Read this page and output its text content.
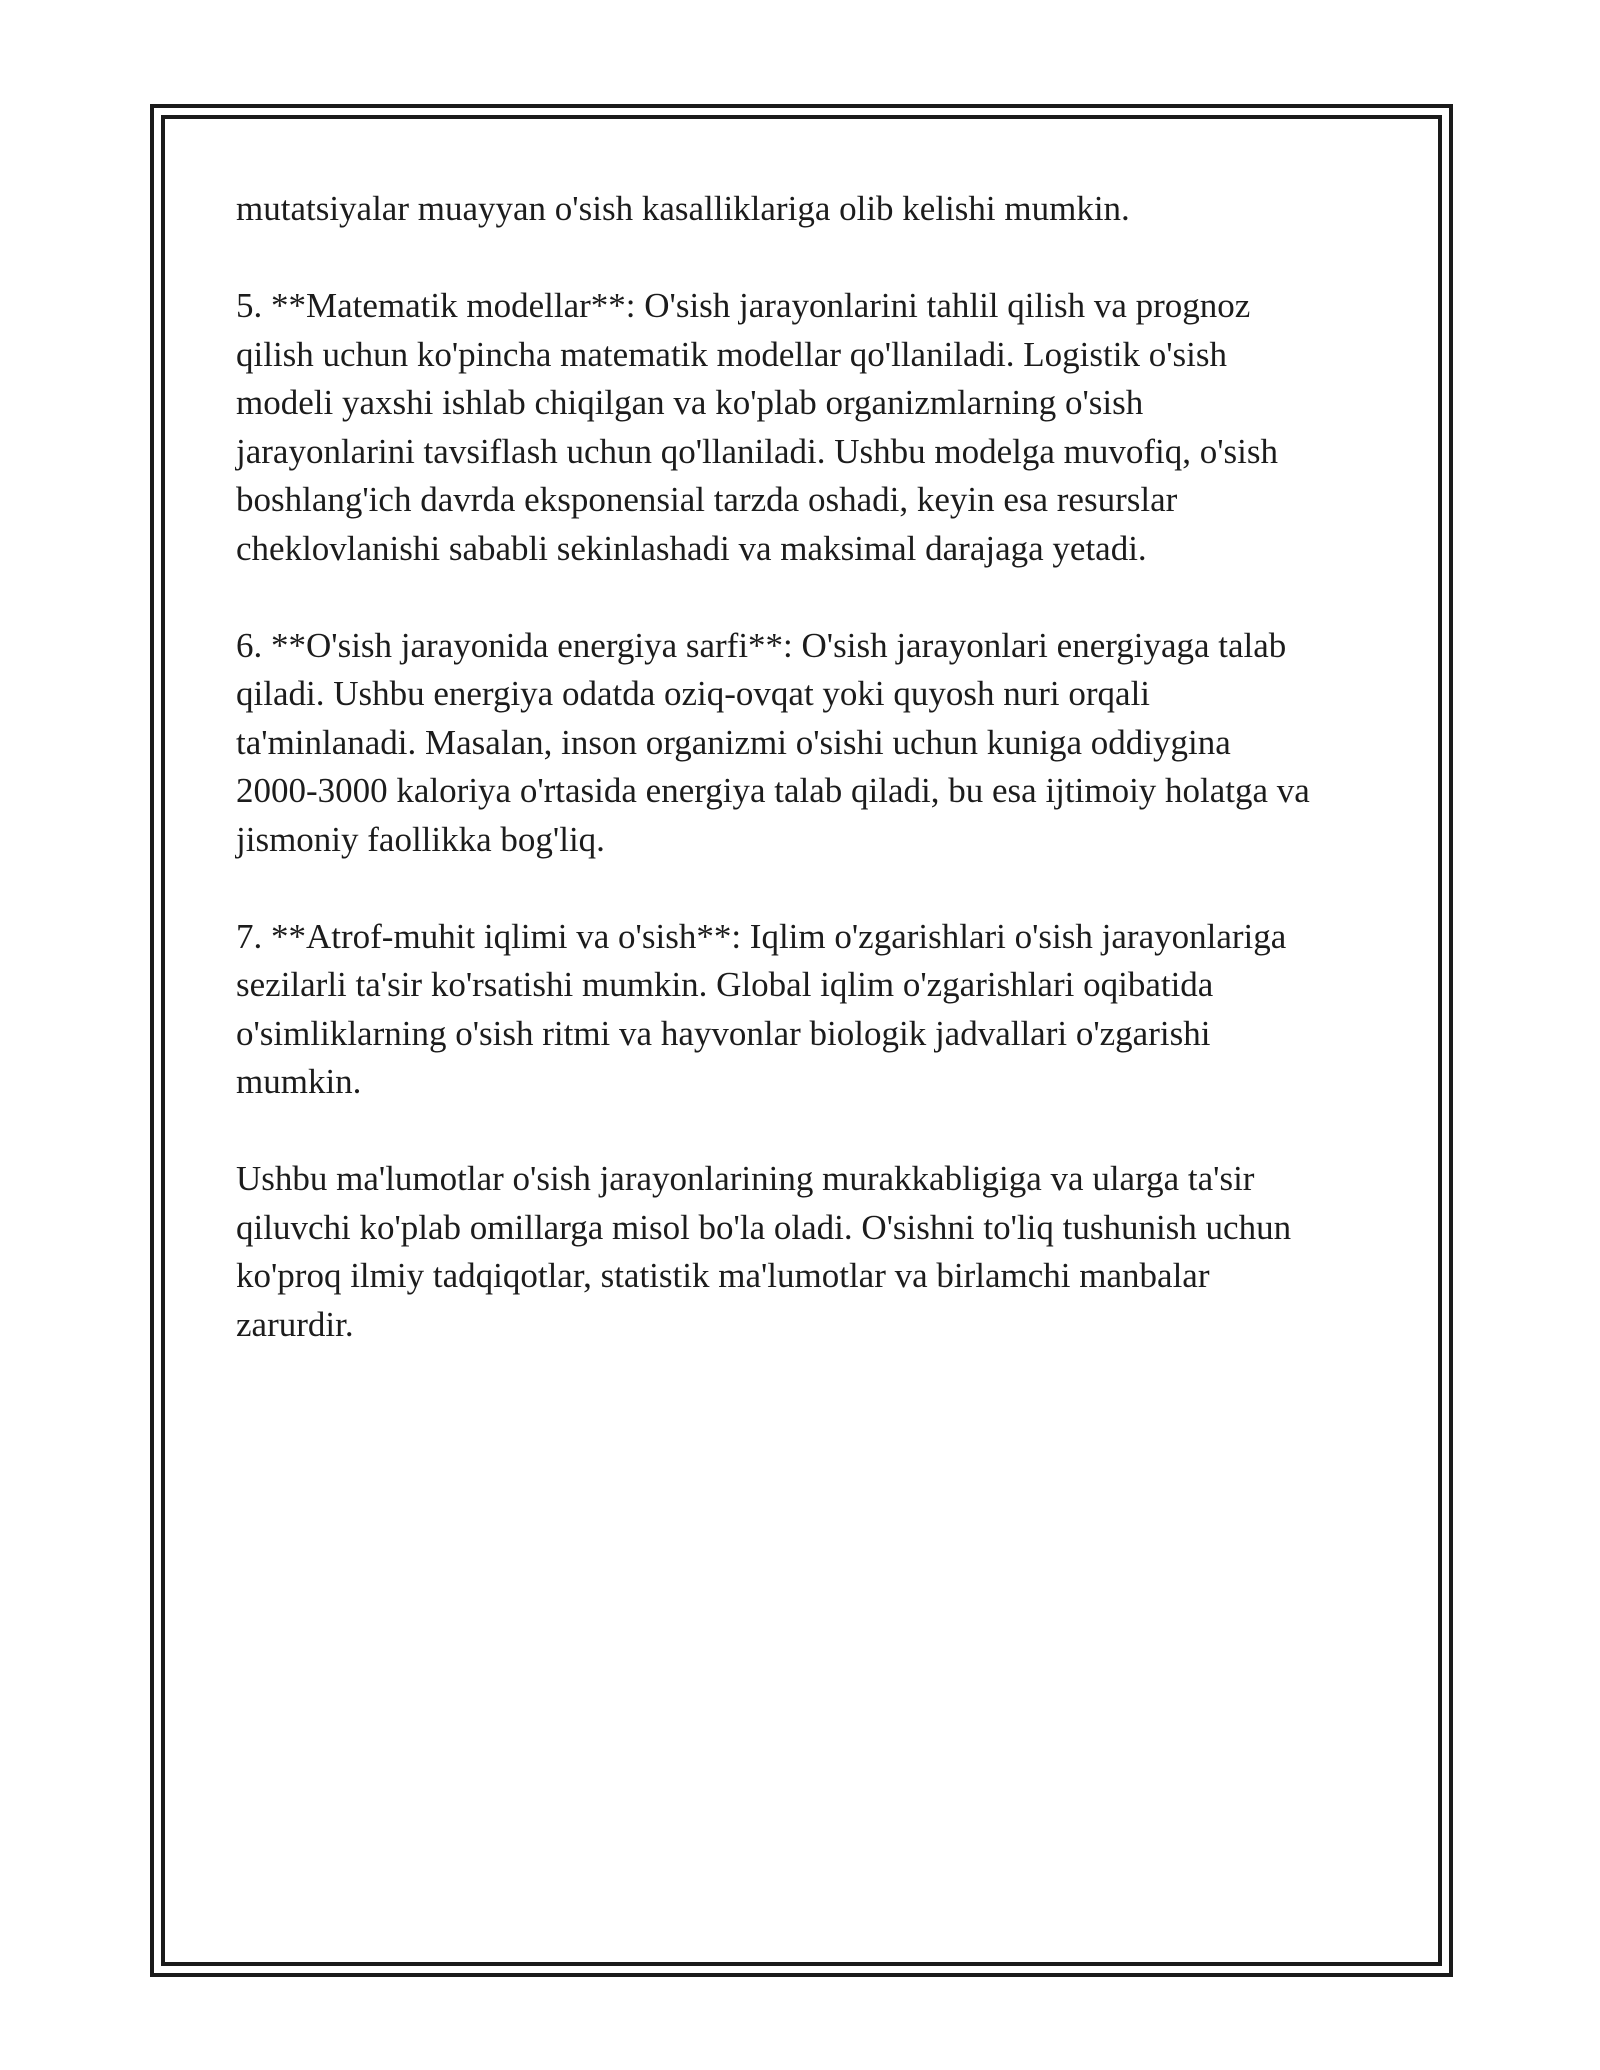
mutatsiyalar muayyan o'sish kasalliklariga olib kelishi mumkin.

5. **Matematik modellar**: O'sish jarayonlarini tahlil qilish va prognoz
qilish uchun ko'pincha matematik modellar qo'llaniladi. Logistik o'sish
modeli yaxshi ishlab chiqilgan va ko'plab organizmlarning o'sish
jarayonlarini tavsiflash uchun qo'llaniladi. Ushbu modelga muvofiq, o'sish
boshlang'ich davrda eksponensial tarzda oshadi, keyin esa resurslar
cheklovlanishi sababli sekinlashadi va maksimal darajaga yetadi.

6. **O'sish jarayonida energiya sarfi**: O'sish jarayonlari energiyaga talab
qiladi. Ushbu energiya odatda oziq-ovqat yoki quyosh nuri orqali
ta'minlanadi. Masalan, inson organizmi o'sishi uchun kuniga oddiygina
2000-3000 kaloriya o'rtasida energiya talab qiladi, bu esa ijtimoiy holatga va
jismoniy faollikka bog'liq.

7. **Atrof-muhit iqlimi va o'sish**: Iqlim o'zgarishlari o'sish jarayonlariga
sezilarli ta'sir ko'rsatishi mumkin. Global iqlim o'zgarishlari oqibatida
o'simliklarning o'sish ritmi va hayvonlar biologik jadvallari o'zgarishi
mumkin.

Ushbu ma'lumotlar o'sish jarayonlarining murakkabligiga va ularga ta'sir
qiluvchi ko'plab omillarga misol bo'la oladi. O'sishni to'liq tushunish uchun
ko'proq ilmiy tadqiqotlar, statistik ma'lumotlar va birlamchi manbalar
zarurdir.
